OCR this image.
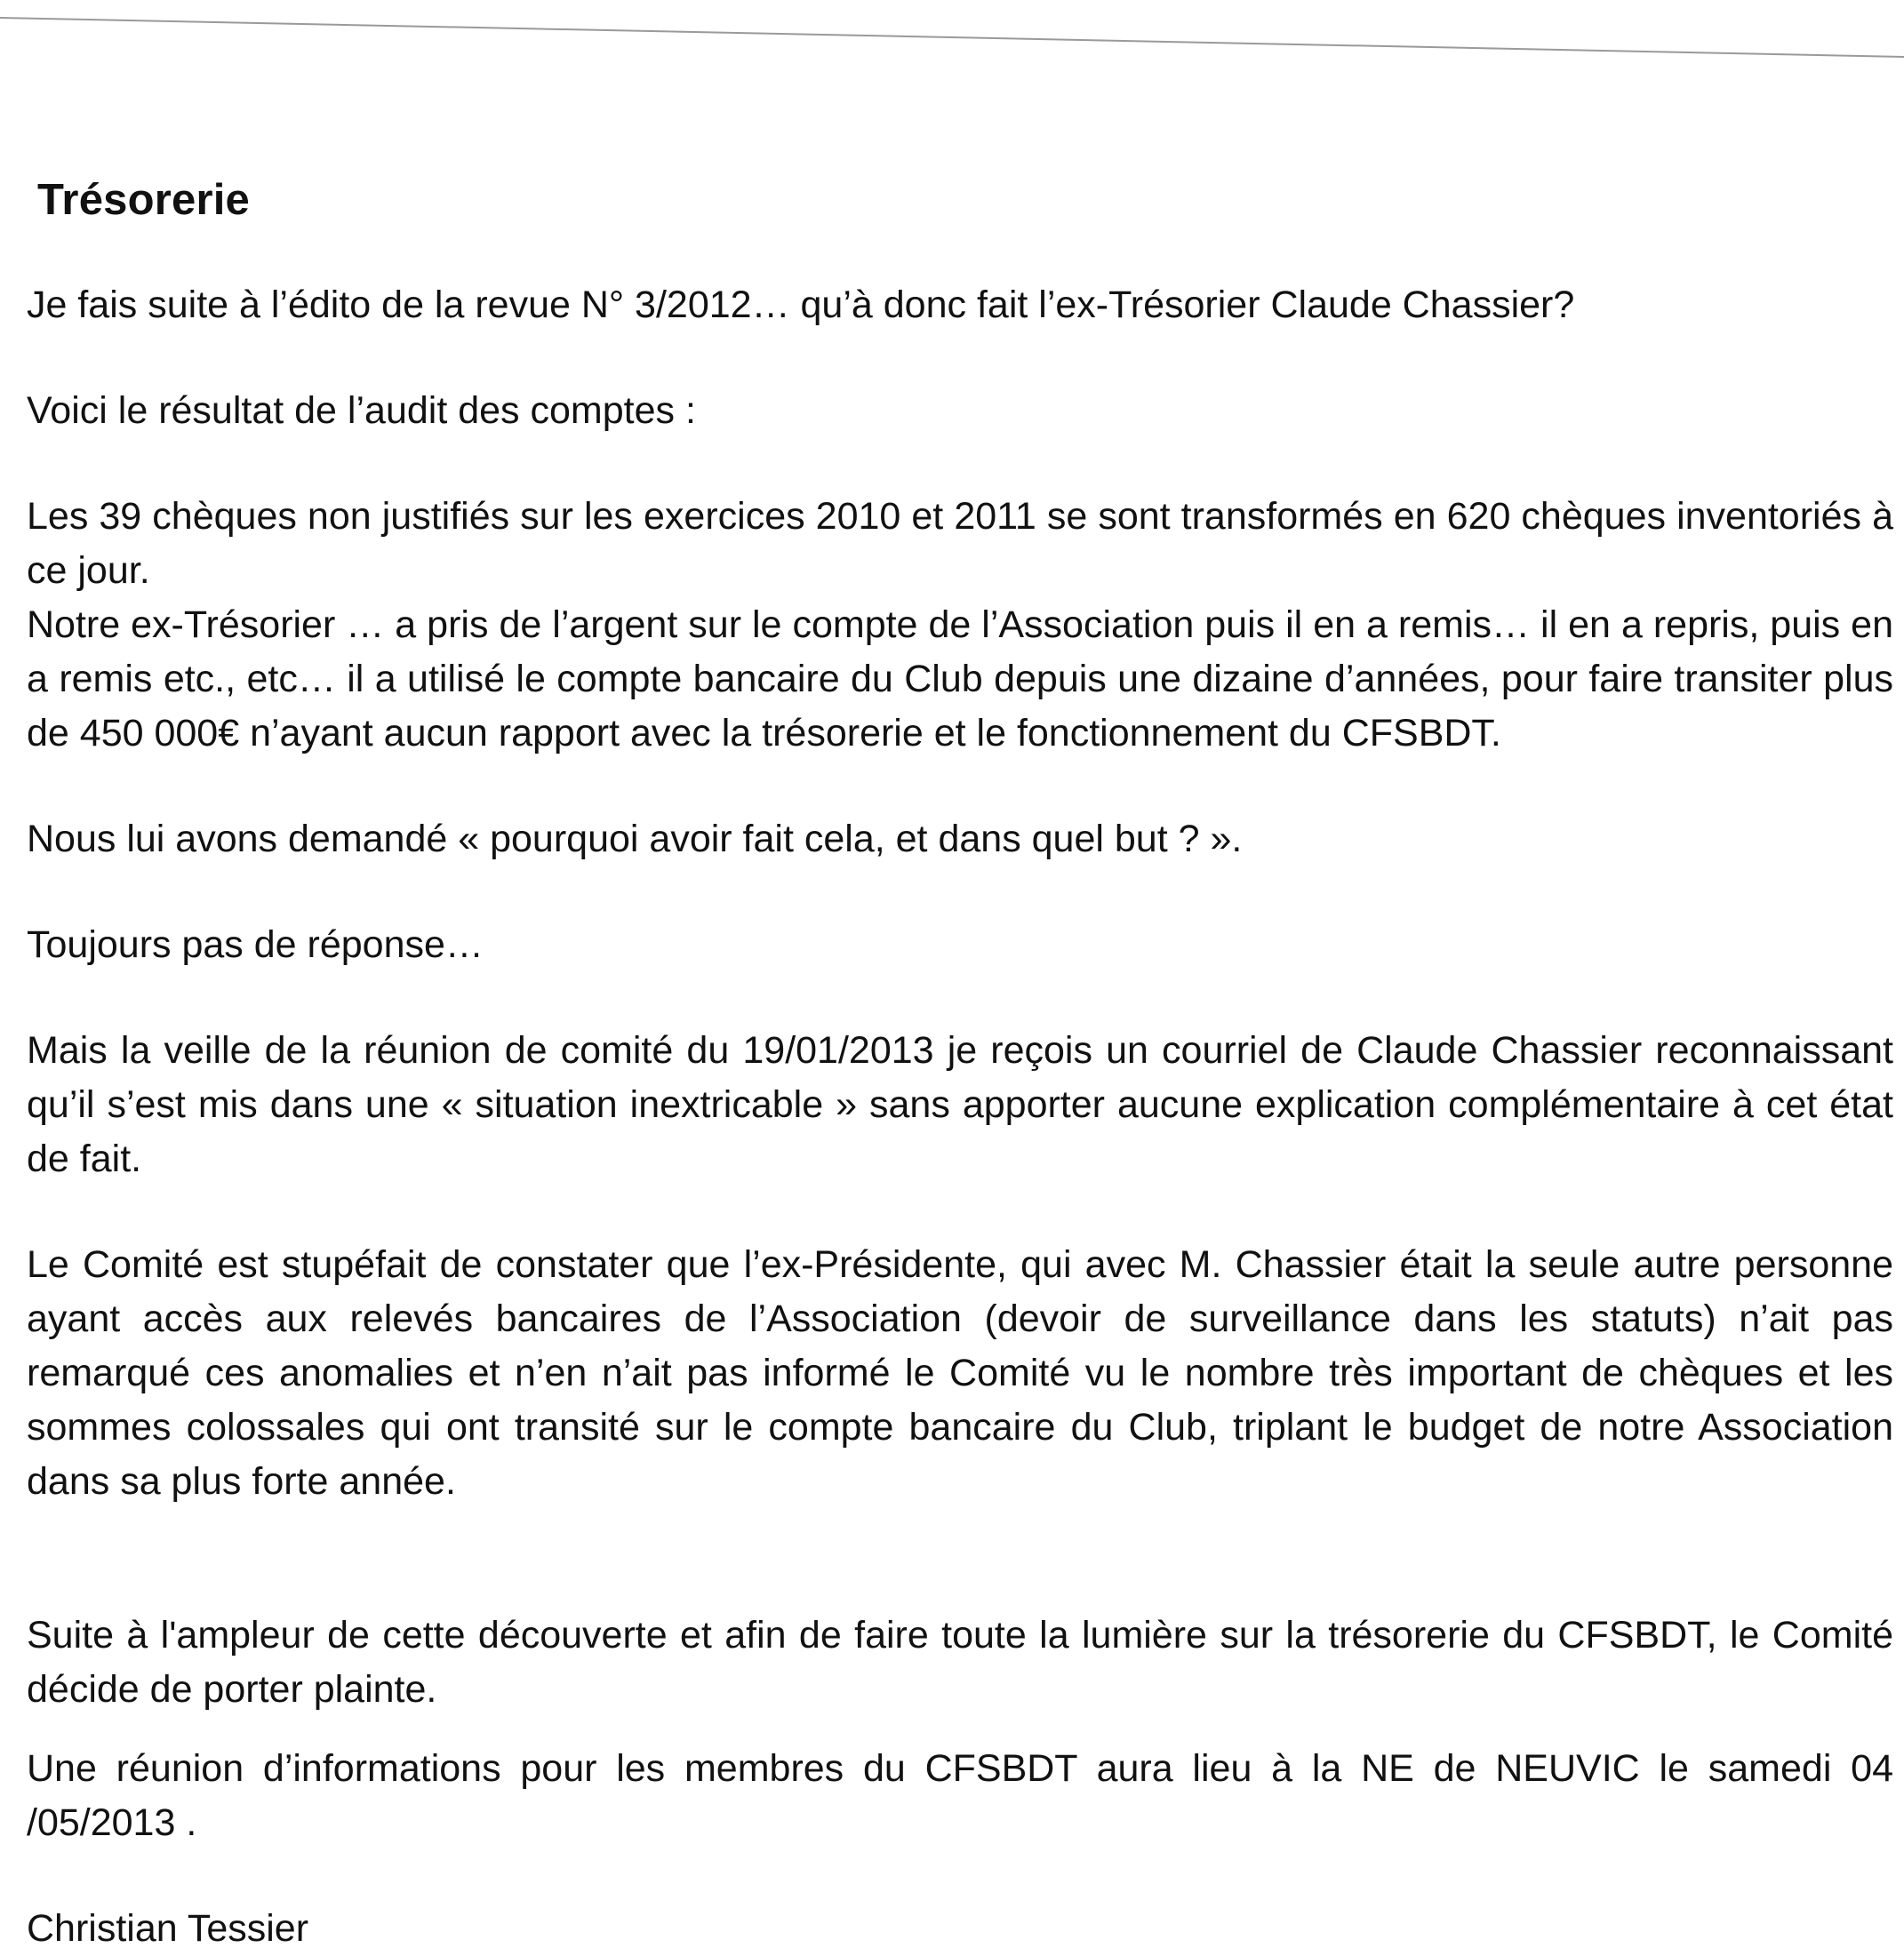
Trésorerie

Je fais suite à l’édito de la revue N° 3/2012… qu’à donc fait l’ex-Trésorier Claude Chassier?

Voici le résultat de l’audit des comptes :

Les 39 chèques non justifiés sur les exercices 2010 et 2011 se sont transformés en 620 chèques inventoriés à ce jour.

Notre ex-Trésorier … a pris de l’argent sur le compte de l’Association puis il en a remis… il en a repris, puis en a remis etc., etc… il a utilisé le compte bancaire du Club depuis une dizaine d’années, pour faire transiter plus de 450 000€ n’ayant aucun rapport avec la trésorerie et le fonctionnement du CFSBDT.

Nous lui avons demandé « pourquoi avoir fait cela, et dans quel but ? ».

Toujours pas de réponse…

Mais la veille de la réunion de comité du 19/01/2013 je reçois un courriel de Claude Chassier reconnaissant qu’il s’est mis dans une « situation inextricable » sans apporter aucune explication complémentaire à cet état de fait.

Le Comité est stupéfait de constater que l’ex-Présidente, qui avec M. Chassier était la seule autre personne ayant accès aux relevés bancaires de l’Association (devoir de surveillance dans les statuts) n’ait pas remarqué ces anomalies et n’en n’ait pas informé le Comité vu le nombre très important de chèques et les sommes colossales qui ont transité sur le compte bancaire du Club, triplant le budget de notre Association dans sa plus forte année.

Suite à l'ampleur de cette découverte et afin de faire toute la lumière sur la trésorerie du CFSBDT, le Comité décide de porter plainte.

Une réunion d’informations pour les membres du CFSBDT aura lieu à la NE de NEUVIC le samedi 04 /05/2013 .

Christian Tessier
